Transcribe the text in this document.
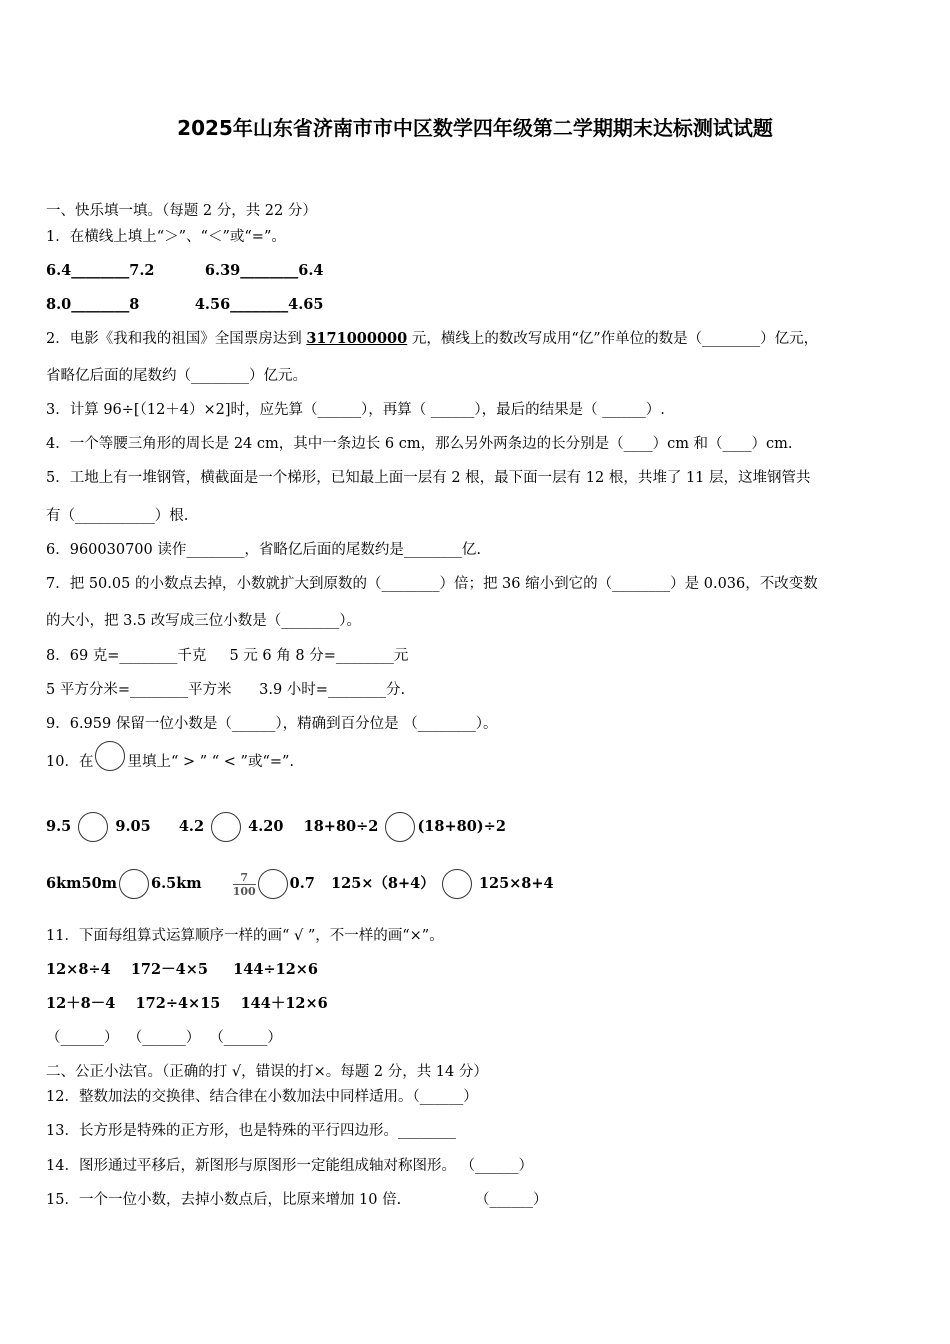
2025年山东省济南市市中区数学四年级第二学期期末达标测试试题
一、快乐填一填。（每题 2 分，共 22 分）
1．在横线上填上“＞”、“＜”或“=”。
6.4________7.2          6.39________6.4
8.0________8           4.56________4.65
2．电影《我和我的祖国》全国票房达到 3171000000 元，横线上的数改写成用“亿”作单位的数是（________）亿元，
省略亿后面的尾数约（________）亿元。
3．计算 96÷[（12＋4）×2]时，应先算（______），再算（ ______），最后的结果是（ ______）.
4．一个等腰三角形的周长是 24 cm，其中一条边长 6 cm，那么另外两条边的长分别是（____）cm 和（____）cm.
5．工地上有一堆钢管，横截面是一个梯形，已知最上面一层有 2 根，最下面一层有 12 根，共堆了 11 层，这堆钢管共
有（___________）根.
6．960030700 读作________，省略亿后面的尾数约是________亿.
7．把 50.05 的小数点去掉，小数就扩大到原数的（________）倍；把 36 缩小到它的（________）是 0.036，不改变数
的大小，把 3.5 改写成三位小数是（________）。
8．69 克=________千克     5 元 6 角 8 分=________元
5 平方分米=________平方米      3.9 小时=________分.
9．6.959 保留一位小数是（______），精确到百分位是 （________）。
10．在 里填上“ > ” “ < ”或“=”.
9.5	9.05 4.2	4.20 18+80÷2	(18+80)÷2
6km50m 6.5km	$\frac{7}{100} 0.7$ 125×（8+4）	125×8+4
11．下面每组算式运算顺序一样的画“ √ ”，不一样的画“×”。
12×8÷4    172－4×5     144÷12×6
12＋8－4    172÷4×15    144＋12×6
（______）  （______）  （______）
二、公正小法官。（正确的打 √，错误的打×。每题 2 分，共 14 分）
12．整数加法的交换律、结合律在小数加法中同样适用。（______）
13．长方形是特殊的正方形，也是特殊的平行四边形。________
14．图形通过平移后，新图形与原图形一定能组成轴对称图形。 （______）
15．一个一位小数，去掉小数点后，比原来增加 10 倍.                （______）
